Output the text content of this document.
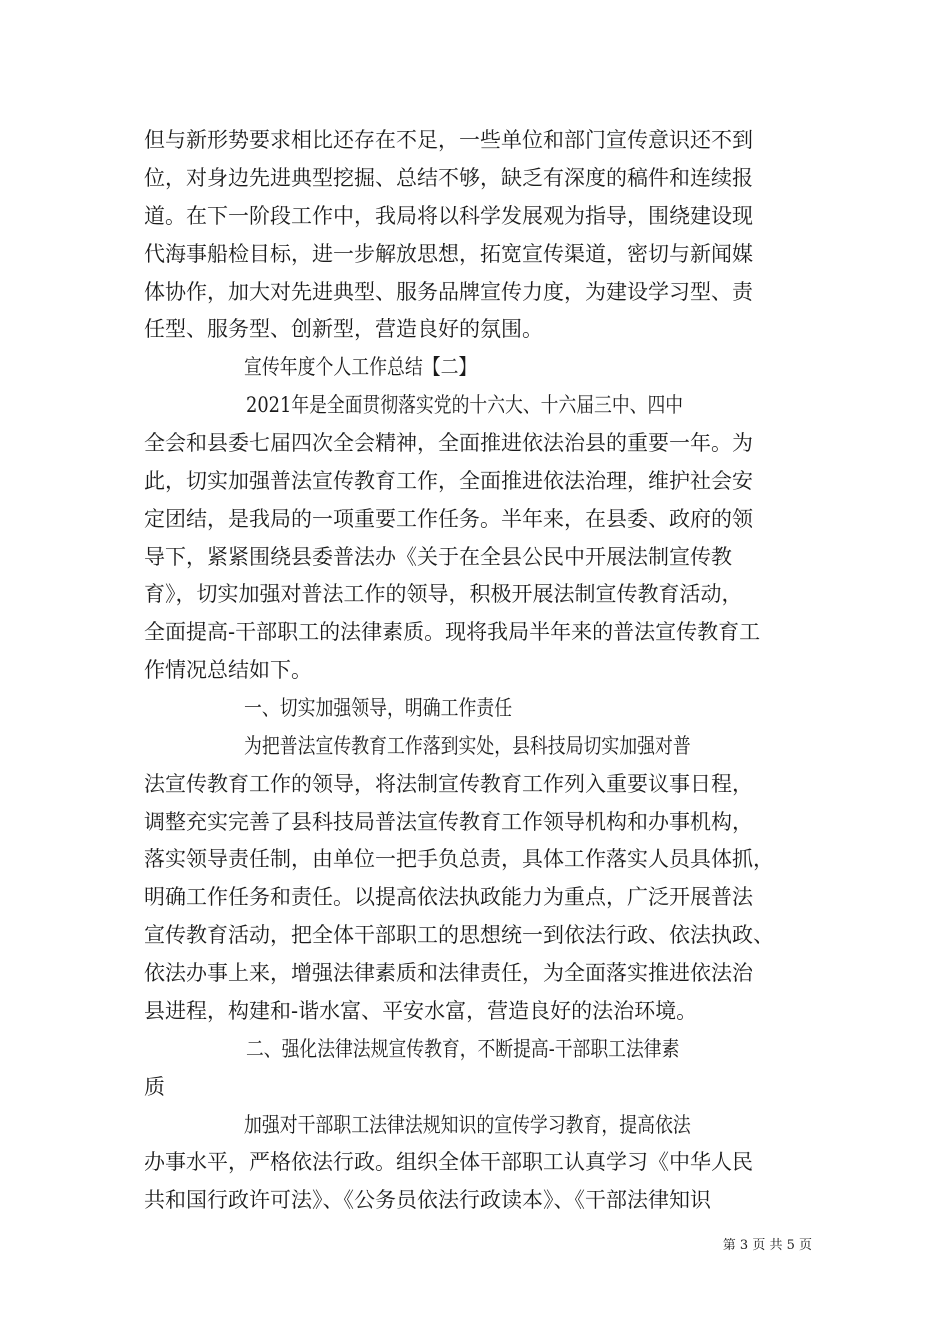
但与新形势要求相比还存在不足，一些单位和部门宣传意识还不到
位，对身边先进典型挖掘、总结不够，缺乏有深度的稿件和连续报
道。在下一阶段工作中，我局将以科学发展观为指导，围绕建设现
代海事船检目标，进一步解放思想，拓宽宣传渠道，密切与新闻媒
体协作，加大对先进典型、服务品牌宣传力度，为建设学习型、责
任型、服务型、创新型，营造良好的氛围。
宣传年度个人工作总结【二】
2021年是全面贯彻落实党的十六大、十六届三中、四中
全会和县委七届四次全会精神，全面推进依法治县的重要一年。为
此，切实加强普法宣传教育工作，全面推进依法治理，维护社会安
定团结，是我局的一项重要工作任务。半年来，在县委、政府的领
导下，紧紧围绕县委普法办《关于在全县公民中开展法制宣传教
育》，切实加强对普法工作的领导，积极开展法制宣传教育活动，
全面提高-干部职工的法律素质。现将我局半年来的普法宣传教育工
作情况总结如下。
一、切实加强领导，明确工作责任
为把普法宣传教育工作落到实处，县科技局切实加强对普
法宣传教育工作的领导，将法制宣传教育工作列入重要议事日程，
调整充实完善了县科技局普法宣传教育工作领导机构和办事机构，
落实领导责任制，由单位一把手负总责，具体工作落实人员具体抓，
明确工作任务和责任。以提高依法执政能力为重点，广泛开展普法
宣传教育活动，把全体干部职工的思想统一到依法行政、依法执政、
依法办事上来，增强法律素质和法律责任，为全面落实推进依法治
县进程，构建和-谐水富、平安水富，营造良好的法治环境。
二、强化法律法规宣传教育，不断提高-干部职工法律素
质
加强对干部职工法律法规知识的宣传学习教育，提高依法
办事水平，严格依法行政。组织全体干部职工认真学习《中华人民
共和国行政许可法》、《公务员依法行政读本》、《干部法律知识
第 3 页 共 5 页
